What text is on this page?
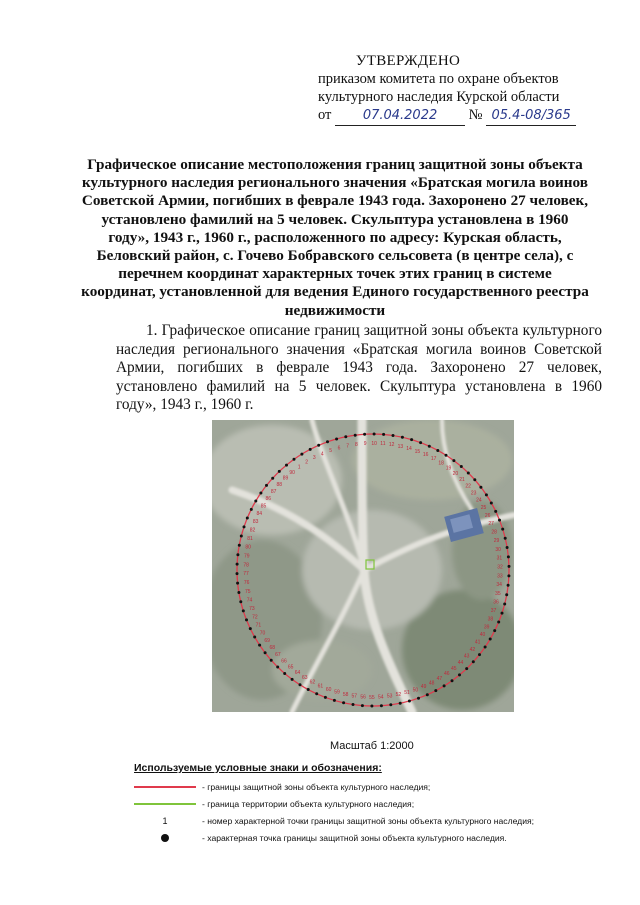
УТВЕРЖДЕНО
приказом комитета по охране объектов
культурного наследия Курской области
от 07.04.2022 № 05.4-08/365
Графическое описание местоположения границ защитной зоны объекта культурного наследия регионального значения «Братская могила воинов Советской Армии, погибших в феврале 1943 года. Захоронено 27 человек, установлено фамилий на 5 человек. Скульптура установлена в 1960 году», 1943 г., 1960 г., расположенного по адресу: Курская область, Беловский район, с. Гочево Бобравского сельсовета (в центре села), с перечнем координат характерных точек этих границ в системе координат, установленной для ведения Единого государственного реестра недвижимости
1. Графическое описание границ защитной зоны объекта культурного наследия регионального значения «Братская могила воинов Советской Армии, погибших в феврале 1943 года. Захоронено 27 человек, установлено фамилий на 5 человек. Скульптура установлена в 1960 году», 1943 г., 1960 г.
1
2
3
4
5 6 7 8 9 10 11 12 13 14 15
16
17
18
19
20
21
22
23
24
25
26
27
28
29
30
31
32
33
34
35
36
37
38
39
40
41
42
43
44
45
46
47
48
49
50
51
52
53
54
55
56
57
58
59
60
61
62
63
64
65
66
67
68
69
70
71
72
73
74
75
76
77
78
79
80
81
82
83
84
85
86
87
88
89
90
Масштаб 1:2000
Используемые условные знаки и обозначения:
- границы защитной зоны объекта культурного наследия;
- граница территории объекта культурного наследия;
1	- номер характерной точки границы защитной зоны объекта культурного наследия;
- характерная точка границы защитной зоны объекта культурного наследия.
